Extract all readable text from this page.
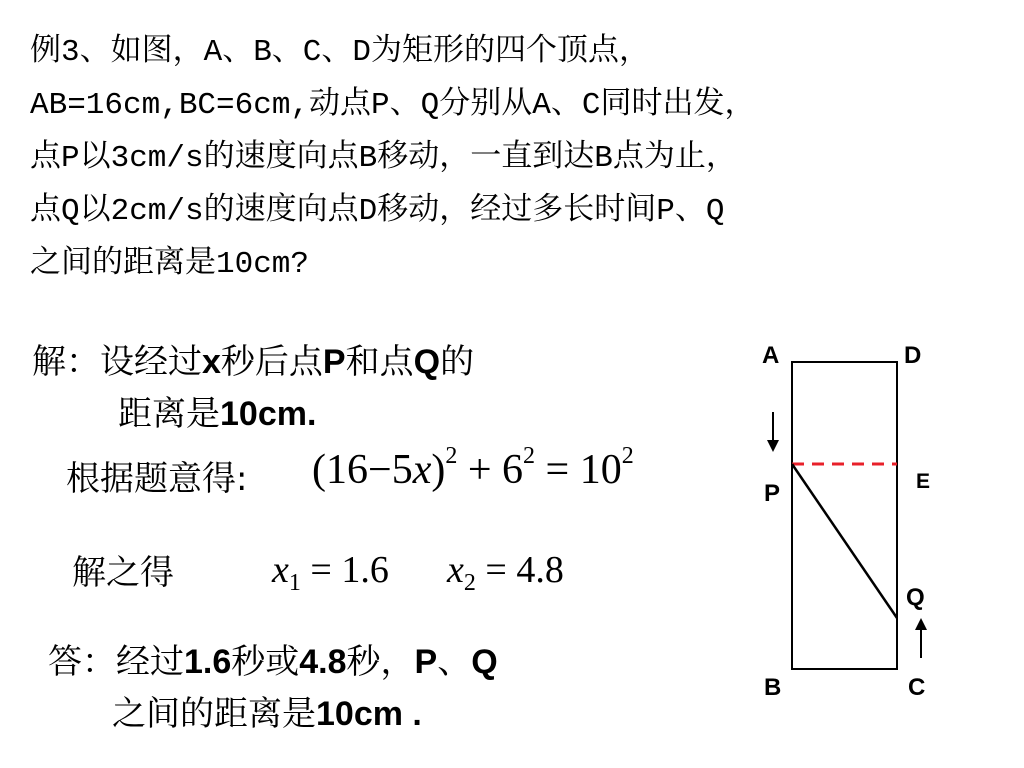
例3、如图，A、B、C、D为矩形的四个顶点，
AB=16cm,BC=6cm,动点P、Q分别从A、C同时出发，
点P以3cm/s的速度向点B移动，一直到达B点为止，
点Q以2cm/s的速度向点D移动，经过多长时间P、Q
之间的距离是10cm?
解：设经过x秒后点P和点Q的
距离是10cm.
根据题意得: $(16-5x)^2 + 6^2 = 10^2$
解之得	$x_1 = 1.6$ $x_2 = 4.8$
答：经过1.6秒或4.8秒，P、Q
之间的距离是10cm .
A	D
P	E
Q
B	C
